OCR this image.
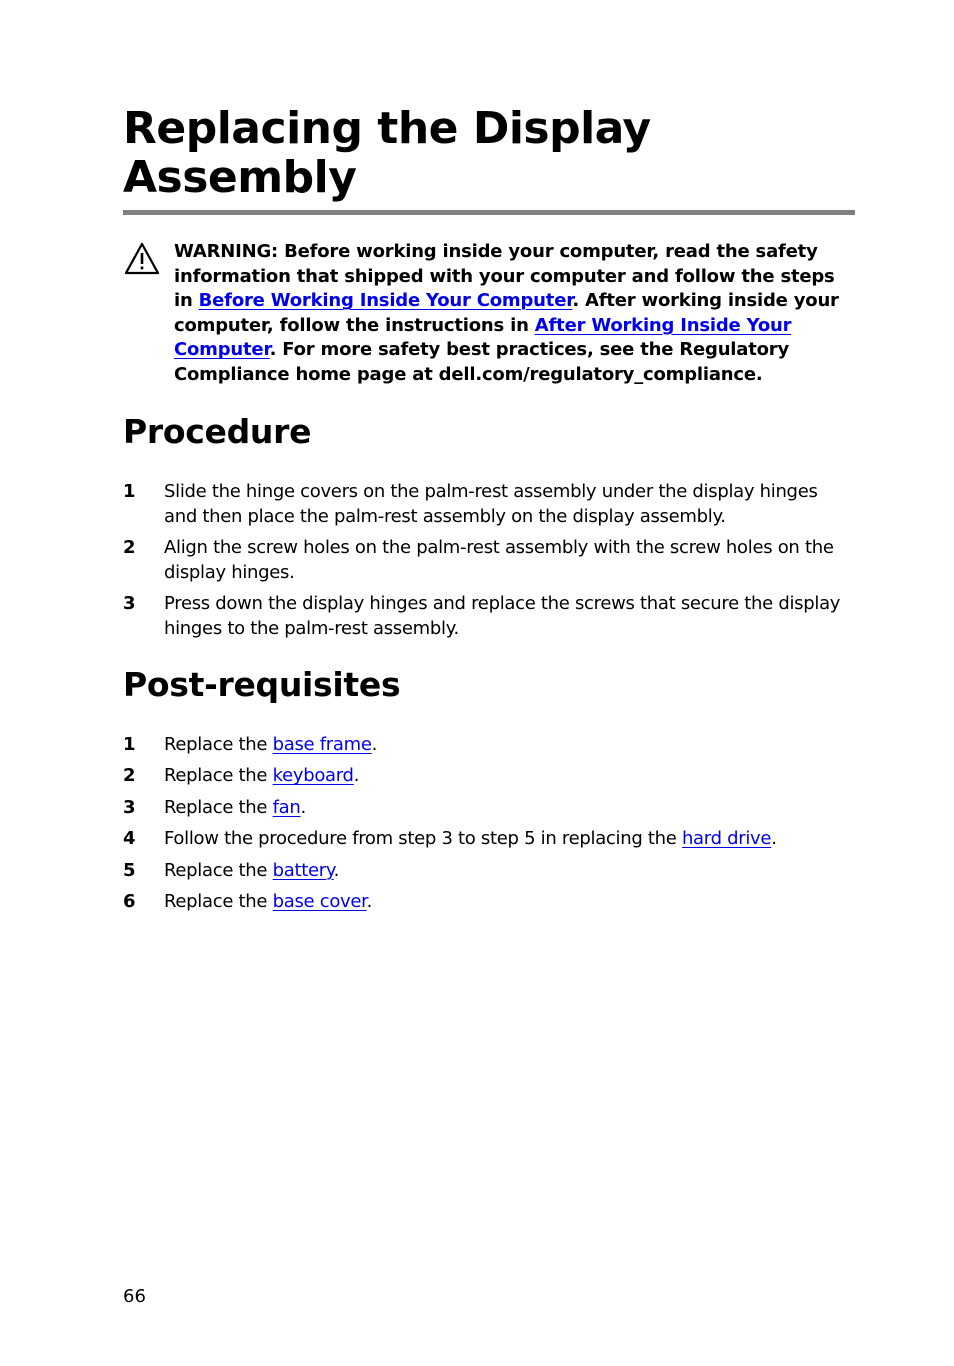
Replacing the Display Assembly

WARNING: Before working inside your computer, read the safety information that shipped with your computer and follow the steps in Before Working Inside Your Computer. After working inside your computer, follow the instructions in After Working Inside Your Computer. For more safety best practices, see the Regulatory Compliance home page at dell.com/regulatory_compliance.

Procedure
1 Slide the hinge covers on the palm-rest assembly under the display hinges and then place the palm-rest assembly on the display assembly.
2 Align the screw holes on the palm-rest assembly with the screw holes on the display hinges.
3 Press down the display hinges and replace the screws that secure the display hinges to the palm-rest assembly.
Post-requisites
1 Replace the base frame.
2 Replace the keyboard.
3 Replace the fan.
4 Follow the procedure from step 3 to step 5 in replacing the hard drive.
5 Replace the battery.
6 Replace the base cover.
66
